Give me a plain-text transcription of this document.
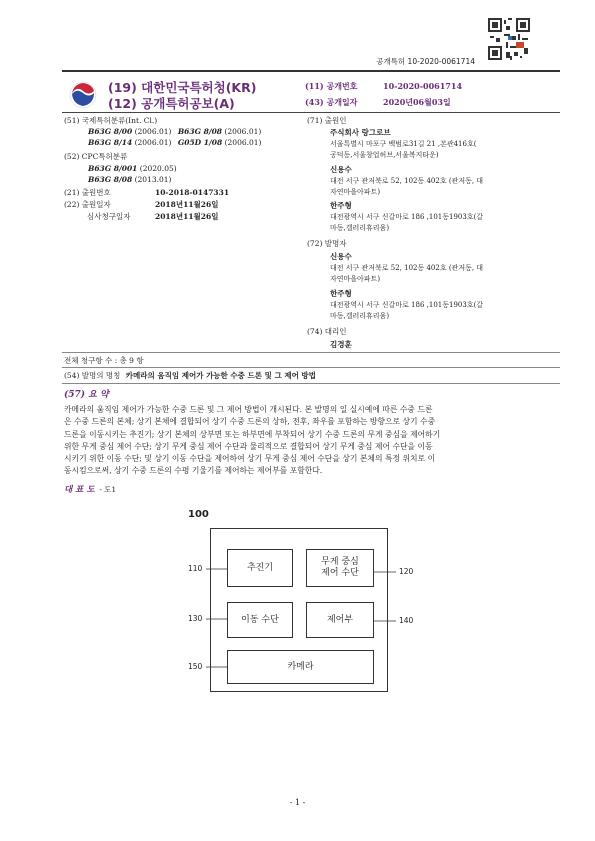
공개특허 10-2020-0061714
(19) 대한민국특허청(KR)
(12) 공개특허공보(A)
(11) 공개번호	10-2020-0061714
(43) 공개일자	2020년06월03일
(51) 국제특허분류(Int. Cl.)
B63G 8/00 (2006.01) B63G 8/08 (2006.01)
B63G 8/14 (2006.01) G05D 1/08 (2006.01)
(52) CPC특허분류
B63G 8/001 (2020.05)
B63G 8/08 (2013.01)
(21) 출원번호	10-2018-0147331
(22) 출원일자	2018년11월26일
심사청구일자	2018년11월26일
(71) 출원인
주식회사 랑그로브
서울특별시 마포구 백범로31길 21 ,본관416호(
공덕동,서울창업허브,서울복지타운)
신용수
대전 서구 관저북로 52, 102동 402호 (관저동, 대
자연마을아파트)
한주형
대전광역시 서구 신갈마로 186 ,101동1903호(갈
마동,갤러리휴리움)
(72) 발명자
신용수
대전 서구 관저북로 52, 102동 402호 (관저동, 대
자연마을아파트)
한주형
대전광역시 서구 신갈마로 186 ,101동1903호(갈
마동,갤러리휴리움)
(74) 대리인
김경훈
전체 청구항 수 : 총 9 항
(54) 발명의 명칭 카메라의 움직임 제어가 가능한 수중 드론 및 그 제어 방법
(57) 요 약
카메라의 움직임 제어가 가능한 수중 드론 및 그 제어 방법이 개시된다. 본 발명의 일 실시예에 따른 수중 드론
은 수중 드론의 본체; 상기 본체에 결합되어 상기 수중 드론의 상하, 전후, 좌우를 포함하는 방향으로 상기 수중
드론을 이동시키는 추진기; 상기 본체의 상부면 또는 하부면에 부착되어 상기 수중 드론의 무게 중심을 제어하기
위한 무게 중심 제어 수단; 상기 무게 중심 제어 수단과 물리적으로 결합되어 상기 무게 중심 제어 수단을 이동
시키기 위한 이동 수단; 및 상기 이동 수단을 제어하여 상기 무게 중심 제어 수단을 상기 본체의 특정 위치로 이
동시킴으로써, 상기 수중 드론의 수평 기울기를 제어하는 제어부를 포함한다.
대 표 도 - 도1
100
추진기
무게 중심
제어 수단
이동 수단	제어부
카메라
110	120
130	140
150
- 1 -
